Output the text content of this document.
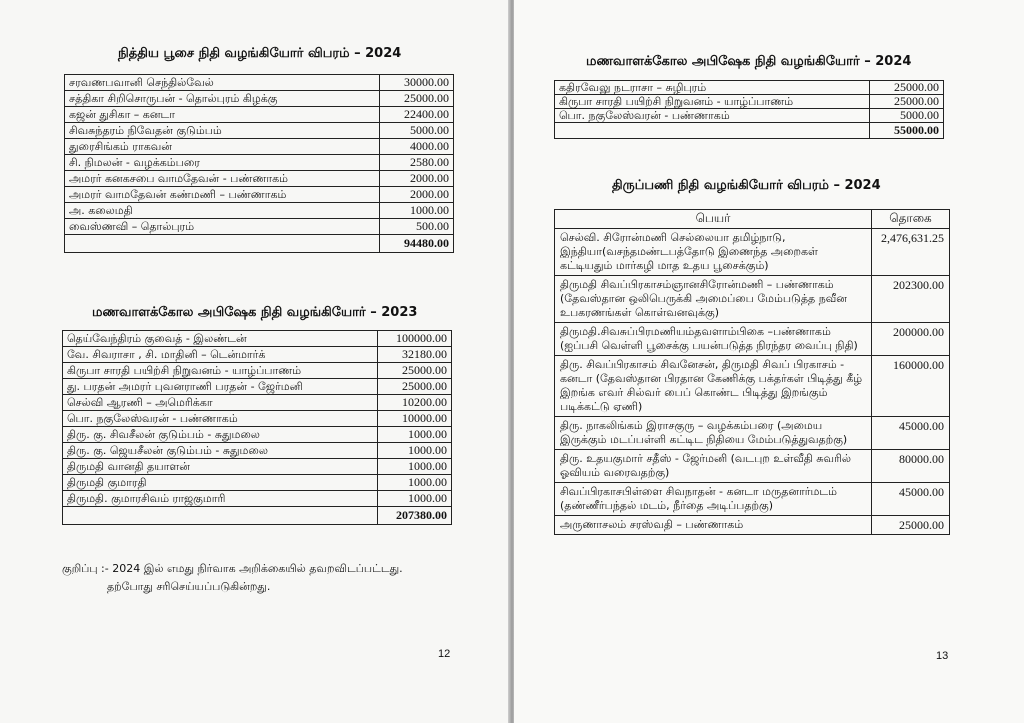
நித்திய பூசை நிதி வழங்கியோர் விபரம் – 2024
சரவணபவானி செந்தில்வேல்	30000.00
சத்திகா சிறிசொருபன் - தொல்புரம் கிழக்கு	25000.00
கஜன் துசிகா – கனடா	22400.00
சிவசுந்தரம் நிவேதன் குடும்பம்	5000.00
துரைசிங்கம் ராகவன்	4000.00
சி. நிமலன் - வழக்கம்பரை	2580.00
அமரர் கனகசபை வாமதேவன் - பண்ணாகம்	2000.00
அமரர் வாமதேவன் கண்மணி – பண்ணாகம்	2000.00
அ. கலைமதி	1000.00
வைஸ்ணவி – தொல்புரம்	500.00
	94480.00
மணவாளக்கோல அபிஷேக நிதி வழங்கியோர் – 2023
தெய்வேந்திரம் குவைத் - இலண்டன்	100000.00
வே. சிவராசா , சி. மாதினி – டென்மார்க்	32180.00
கிருபா சாரதி பயிற்சி நிறுவனம் - யாழ்ப்பாணம்	25000.00
து. பரதன் அமரர் புவனராணி பரதன் - ஜேர்மனி	25000.00
செல்வி ஆரணி – அமெரிக்கா	10200.00
பொ. நகுலேஸ்வரன் - பண்ணாகம்	10000.00
திரு. கு. சிவசீலன் குடும்பம் - சுதுமலை	1000.00
திரு. கு. ஜெயசீலன் குடும்பம் - சுதுமலை	1000.00
திருமதி வானதி தயாளன்	1000.00
திருமதி குமாரதி	1000.00
திருமதி. குமாரசிவம் ராஜகுமாரி	1000.00
	207380.00
குறிப்பு :- 2024 இல் எமது நிர்வாக அறிக்கையில் தவறவிடப்பட்டது.
தற்போது சரிசெய்யப்படுகின்றது.
12
மணவாளக்கோல அபிஷேக நிதி வழங்கியோர் – 2024
கதிரவேலு நடராசா – சுழிபுரம்	25000.00
கிருபா சாரதி பயிற்சி நிறுவனம் - யாழ்ப்பாணம்	25000.00
பொ. நகுலேஸ்வரன் - பண்ணாகம்	5000.00
	55000.00
திருப்பணி நிதி வழங்கியோர் விபரம் – 2024
பெயர்	தொகை
செல்வி. சிரோன்மணி செல்லையா தமிழ்நாடு, இந்தியா(வசந்தமண்டபத்தோடு இணைந்த அறைகள் கட்டியதும் மார்கழி மாத உதய பூசைக்கும்)	2,476,631.25
திருமதி சிவப்பிரகாசம்ஞானசிரோன்மணி – பண்ணாகம் (தேவஸ்தான ஒலிபெருக்கி அமைப்பை மேம்படுத்த நவீன உபகரணங்கள் கொள்வனவுக்கு)	202300.00
திருமதி.சிவசுப்பிரமணியம்தவளாம்பிகை –பண்ணாகம் (ஐப்பசி வெள்ளி பூசைக்கு பயன்படுத்த நிரந்தர வைப்பு நிதி)	200000.00
திரு. சிவப்பிரகாசம் சிவனேசன், திருமதி சிவப் பிரகாசம் - கனடா (தேவஸ்தான பிரதான கேணிக்கு பக்தர்கள் பிடித்து கீழ் இறங்க எவர் சில்வர் பைப் கொண்ட பிடித்து இறங்கும் படிக்கட்டு ஏணி)	160000.00
திரு. நாகலிங்கம் இராசகுரு – வழக்கம்பரை (அமைய இருக்கும் மடப்பள்ளி கட்டிட நிதியை மேம்படுத்துவதற்கு)	45000.00
திரு. உதயகுமார் சதீஸ் - ஜேர்மனி (வடபுற உள்வீதி சுவரில் ஓவியம் வரைவதற்கு)	80000.00
சிவப்பிரகாசபிள்ளை சிவநாதன் - கனடா மருதனார்மடம் (தண்ணீர்பந்தல் மடம், நீர்தை அடிப்பதற்கு)	45000.00
அருணாசலம் சரஸ்வதி – பண்ணாகம்	25000.00
13
